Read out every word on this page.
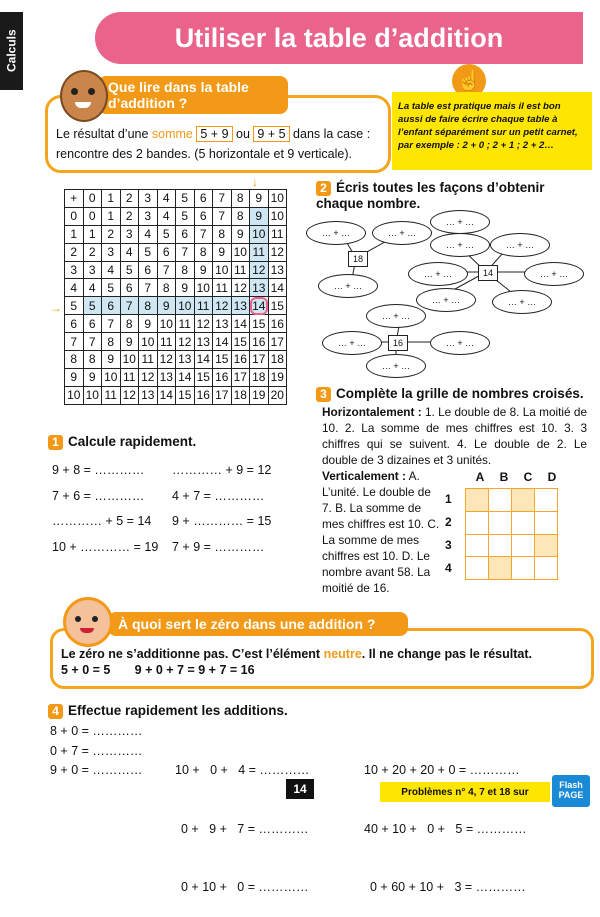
Calculs	Utiliser la table d’addition
Que lire dans la table d’addition ?
Le résultat d’une somme 5 + 9 ou 9 + 5 dans la case :
rencontre des 2 bandes. (5 horizontale et 9 verticale).
☝
La table est pratique mais il est bon aussi de faire écrire chaque table à l’enfant séparément sur un petit carnet, par exemple : 2 + 0 ; 2 + 1 ; 2 + 2…
↓
→
+	0	1	2	3	4	5	6	7	8	9	10
0	0	1	2	3	4	5	6	7	8	9	10
1	1	2	3	4	5	6	7	8	9	10	11
2	2	3	4	5	6	7	8	9	10	11	12
3	3	4	5	6	7	8	9	10	11	12	13
4	4	5	6	7	8	9	10	11	12	13	14
5	5	6	7	8	9	10	11	12	13	14	15
6	6	7	8	9	10	11	12	13	14	15	16
7	7	8	9	10	11	12	13	14	15	16	17
8	8	9	10	11	12	13	14	15	16	17	18
9	9	10	11	12	13	14	15	16	17	18	19
10	10	11	12	13	14	15	16	17	18	19	20
1 Calcule rapidement.
9 + 8 = …………
7 + 6 = …………
………… + 5 = 14
10 + ………… = 19
………… + 9 = 12
4 + 7 = …………
9 + ………… = 15
7 + 9 = …………
2 Écris toutes les façons d’obtenir chaque nombre.
18
14
16
… + …	… + …
… + …
… + …
… + …	… + …
… + …	… + …
… + …	… + …
… + …
… + …	… + …
… + …
3 Complète la grille de nombres croisés.
Horizontalement : 1. Le double de 8. La moitié de 10. 2. La somme de mes chiffres est 10. 3. 3 chiffres qui se suivent. 4. Le double de 2. Le double de 3 dizaines et 3 unités.
Verticalement : A. L’unité. Le double de 7. B. La somme de mes chiffres est 10. C. La somme de mes chiffres est 10. D. Le nombre avant 58. La moitié de 16.
A	B	C	D
1
2
3
4

À quoi sert le zéro dans une addition ?
Le zéro ne s’additionne pas. C’est l’élément neutre. Il ne change pas le résultat.
5 + 0 = 5       9 + 0 + 7 = 9 + 7 = 16
4 Effectue rapidement les additions.
8 + 0 = …………
0 + 7 = …………
9 + 0 = …………

	10 +   0 +   4 = …………

0 +   9 +   7 = …………

0 + 10 +   0 = …………

10 + 20 + 20 + 0 = …………

40 + 10 +   0 +   5 = …………

0 + 60 + 10 +   3 = …………

14	Problèmes n° 4, 7 et 18 sur
Flash PAGE
